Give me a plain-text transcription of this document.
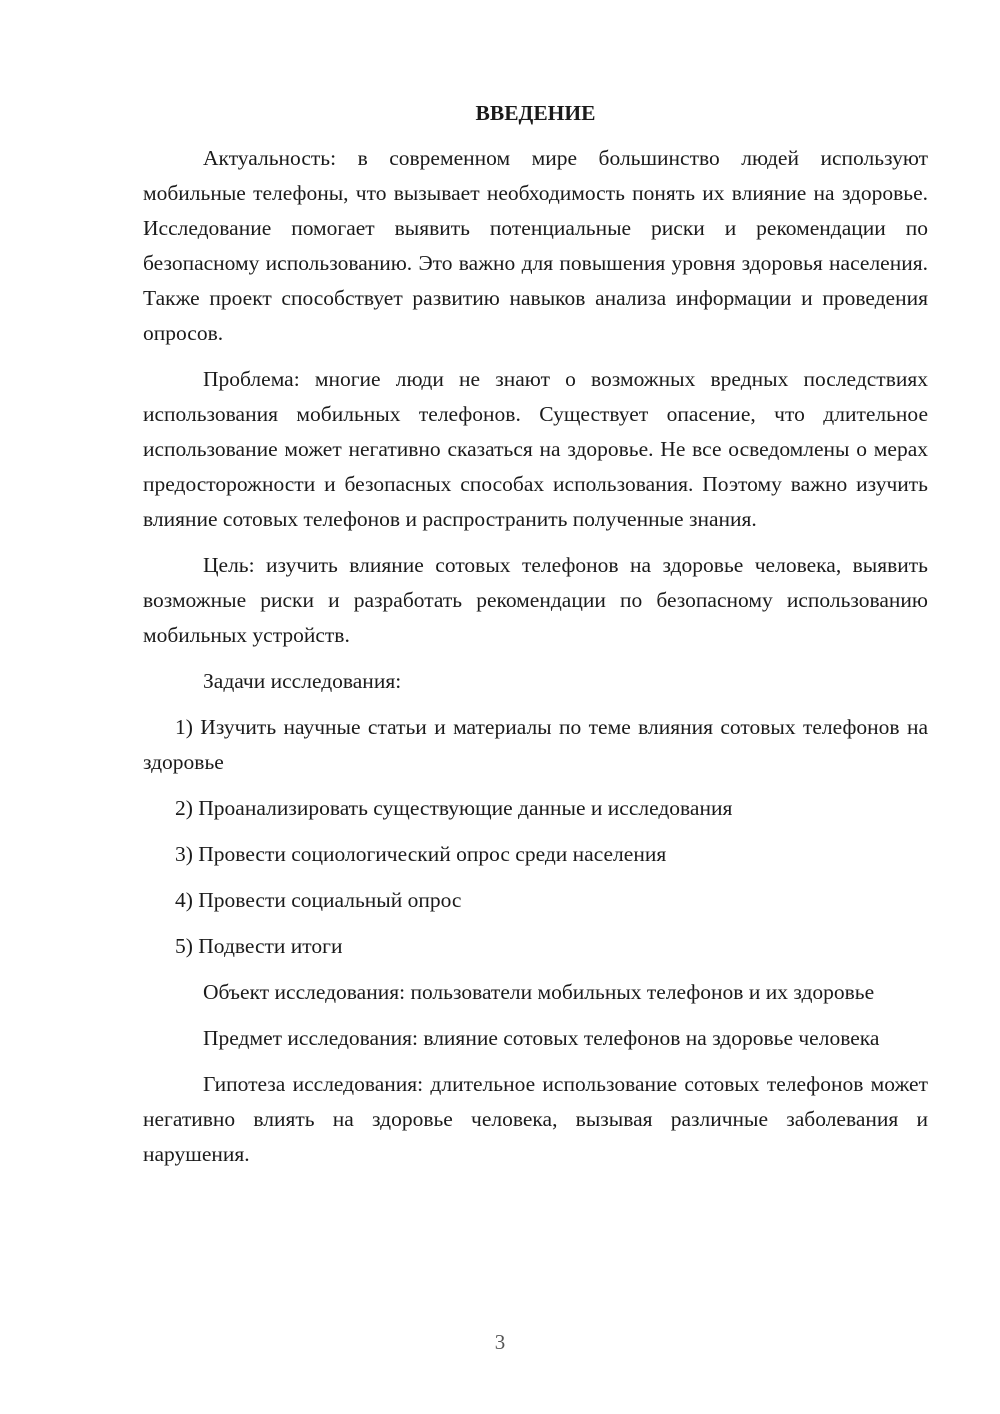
ВВЕДЕНИЕ

Актуальность: в современном мире большинство людей используют мобильные телефоны, что вызывает необходимость понять их влияние на здоровье. Исследование помогает выявить потенциальные риски и рекомендации по безопасному использованию. Это важно для повышения уровня здоровья населения. Также проект способствует развитию навыков анализа информации и проведения опросов.

Проблема: многие люди не знают о возможных вредных последствиях использования мобильных телефонов. Существует опасение, что длительное использование может негативно сказаться на здоровье. Не все осведомлены о мерах предосторожности и безопасных способах использования. Поэтому важно изучить влияние сотовых телефонов и распространить полученные знания.

Цель: изучить влияние сотовых телефонов на здоровье человека, выявить возможные риски и разработать рекомендации по безопасному использованию мобильных устройств.

Задачи исследования:

1) Изучить научные статьи и материалы по теме влияния сотовых телефонов на здоровье

2) Проанализировать существующие данные и исследования

3) Провести социологический опрос среди населения

4) Провести социальный опрос

5) Подвести итоги

Объект исследования: пользователи мобильных телефонов и их здоровье

Предмет исследования: влияние сотовых телефонов на здоровье человека

Гипотеза исследования: длительное использование сотовых телефонов может негативно влиять на здоровье человека, вызывая различные заболевания и нарушения.

3
